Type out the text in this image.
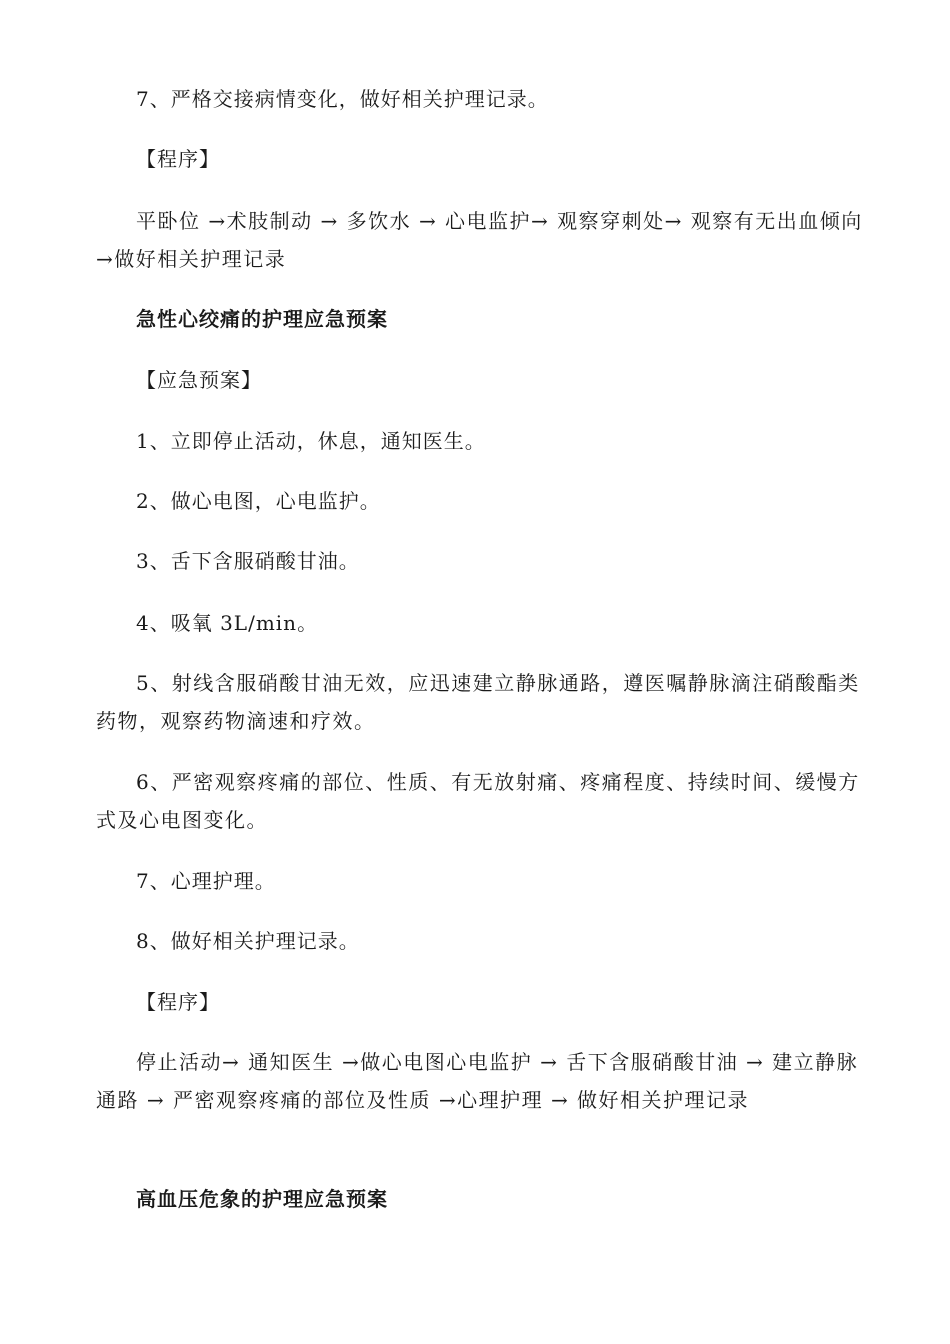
7、严格交接病情变化，做好相关护理记录。
【程序】
平卧位 →术肢制动 → 多饮水 → 心电监护→ 观察穿刺处→ 观察有无出血倾向 →做好相关护理记录
急性心绞痛的护理应急预案
【应急预案】
1、立即停止活动，休息，通知医生。
2、做心电图，心电监护。
3、舌下含服硝酸甘油。
4、吸氧 3L/min。
5、射线含服硝酸甘油无效，应迅速建立静脉通路，遵医嘱静脉滴注硝酸酯类药物，观察药物滴速和疗效。
6、严密观察疼痛的部位、性质、有无放射痛、疼痛程度、持续时间、缓慢方式及心电图变化。
7、心理护理。
8、做好相关护理记录。
【程序】
停止活动→ 通知医生 →做心电图心电监护 → 舌下含服硝酸甘油 → 建立静脉通路 → 严密观察疼痛的部位及性质 →心理护理 → 做好相关护理记录
高血压危象的护理应急预案
